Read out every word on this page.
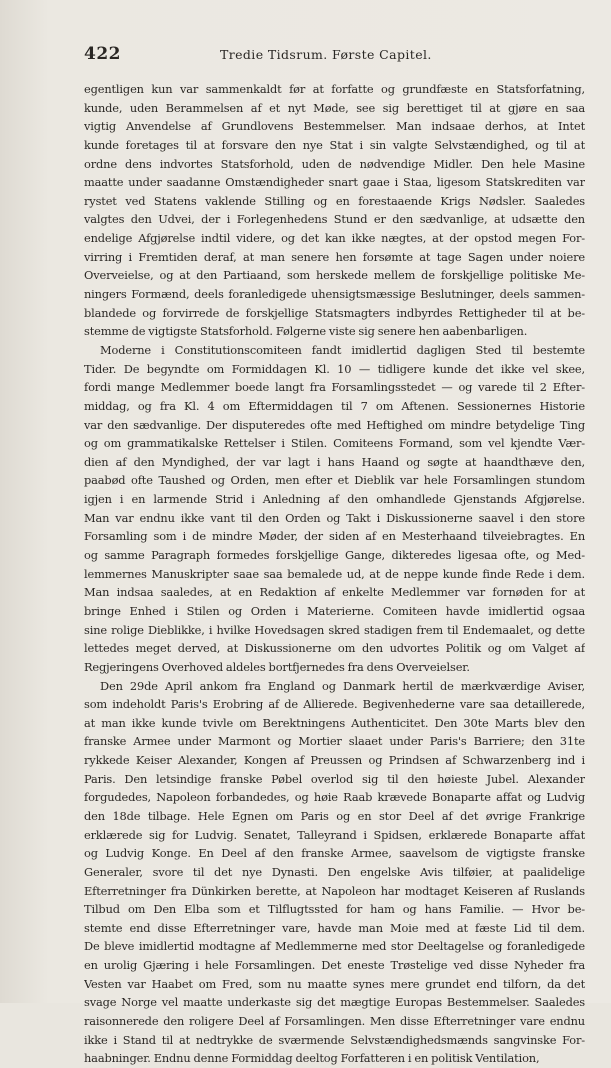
422	Tredie Tidsrum. Første Capitel.
egentligen kun var sammenkaldt før at forfatte og grundfæste en Statsforfatning,
kunde, uden Berammelsen af et nyt Møde, see sig berettiget til at gjøre en saa
vigtig Anvendelse af Grundlovens Bestemmelser. Man indsaae derhos, at Intet
kunde foretages til at forsvare den nye Stat i sin valgte Selvstændighed, og til at
ordne dens indvortes Statsforhold, uden de nødvendige Midler. Den hele Masine
maatte under saadanne Omstændigheder snart gaae i Staa, ligesom Statskrediten var
rystet ved Statens vaklende Stilling og en forestaaende Krigs Nødsler. Saaledes
valgtes den Udvei, der i Forlegenhedens Stund er den sædvanlige, at udsætte den
endelige Afgjørelse indtil videre, og det kan ikke nægtes, at der opstod megen For-
virring i Fremtiden deraf, at man senere hen forsømte at tage Sagen under noiere
Overveielse, og at den Partiaand, som herskede mellem de forskjellige politiske Me-
ningers Formænd, deels foranledigede uhensigtsmæssige Beslutninger, deels sammen-
blandede og forvirrede de forskjellige Statsmagters indbyrdes Rettigheder til at be-
stemme de vigtigste Statsforhold. Følgerne viste sig senere hen aabenbarligen.
Moderne i Constitutionscomiteen fandt imidlertid dagligen Sted til bestemte
Tider. De begyndte om Formiddagen Kl. 10 — tidligere kunde det ikke vel skee,
fordi mange Medlemmer boede langt fra Forsamlingsstedet — og varede til 2 Efter-
middag, og fra Kl. 4 om Eftermiddagen til 7 om Aftenen. Sessionernes Historie
var den sædvanlige. Der disputeredes ofte med Heftighed om mindre betydelige Ting
og om grammatikalske Rettelser i Stilen. Comiteens Formand, som vel kjendte Vær-
dien af den Myndighed, der var lagt i hans Haand og søgte at haandthæve den,
paabød ofte Taushed og Orden, men efter et Dieblik var hele Forsamlingen stundom
igjen i en larmende Strid i Anledning af den omhandlede Gjenstands Afgjørelse.
Man var endnu ikke vant til den Orden og Takt i Diskussionerne saavel i den store
Forsamling som i de mindre Møder, der siden af en Mesterhaand tilveiebragtes. En
og samme Paragraph formedes forskjellige Gange, dikteredes ligesaa ofte, og Med-
lemmernes Manuskripter saae saa bemalede ud, at de neppe kunde finde Rede i dem.
Man indsaa saaledes, at en Redaktion af enkelte Medlemmer var fornøden for at
bringe Enhed i Stilen og Orden i Materierne. Comiteen havde imidlertid ogsaa
sine rolige Dieblikke, i hvilke Hovedsagen skred stadigen frem til Endemaalet, og dette
lettedes meget derved, at Diskussionerne om den udvortes Politik og om Valget af
Regjeringens Overhoved aldeles bortfjernedes fra dens Overveielser.
Den 29de April ankom fra England og Danmark hertil de mærkværdige Aviser,
som indeholdt Paris's Erobring af de Allierede. Begivenhederne vare saa detaillerede,
at man ikke kunde tvivle om Berektningens Authenticitet. Den 30te Marts blev den
franske Armee under Marmont og Mortier slaaet under Paris's Barriere; den 31te
rykkede Keiser Alexander, Kongen af Preussen og Prindsen af Schwarzenberg ind i
Paris. Den letsindige franske Pøbel overlod sig til den høieste Jubel. Alexander
forgudedes, Napoleon forbandedes, og høie Raab krævede Bonaparte affat og Ludvig
den 18de tilbage. Hele Egnen om Paris og en stor Deel af det øvrige Frankrige
erklærede sig for Ludvig. Senatet, Talleyrand i Spidsen, erklærede Bonaparte affat
og Ludvig Konge. En Deel af den franske Armee, saavelsom de vigtigste franske
Generaler, svore til det nye Dynasti. Den engelske Avis tilføier, at paalidelige
Efterretninger fra Dünkirken berette, at Napoleon har modtaget Keiseren af Ruslands
Tilbud om Den Elba som et Tilflugtssted for ham og hans Familie. — Hvor be-
stemte end disse Efterretninger vare, havde man Moie med at fæste Lid til dem.
De bleve imidlertid modtagne af Medlemmerne med stor Deeltagelse og foranledigede
en urolig Gjæring i hele Forsamlingen. Det eneste Trøstelige ved disse Nyheder fra
Vesten var Haabet om Fred, som nu maatte synes mere grundet end tilforn, da det
svage Norge vel maatte underkaste sig det mægtige Europas Bestemmelser. Saaledes
raisonnerede den roligere Deel af Forsamlingen. Men disse Efterretninger vare endnu
ikke i Stand til at nedtrykke de sværmende Selvstændighedsmænds sangvinske For-
haabninger. Endnu denne Formiddag deeltog Forfatteren i en politisk Ventilation,
